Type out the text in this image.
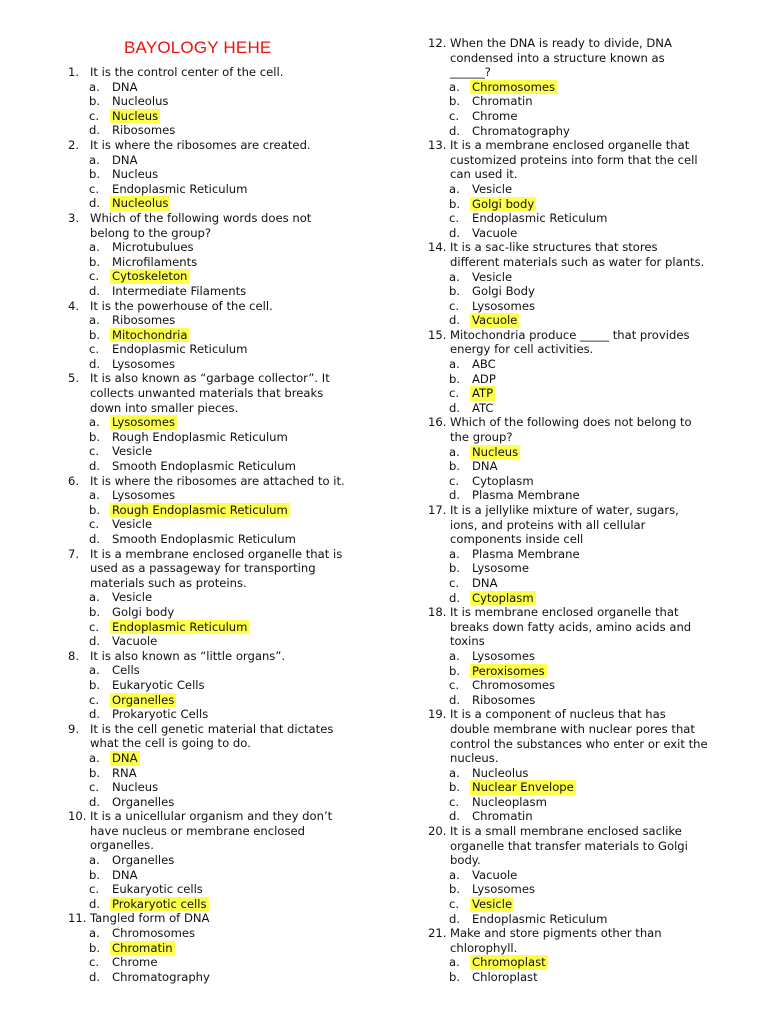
BAYOLOGY HEHE
1. It is the control center of the cell.
a. DNA
b. Nucleolus
c. Nucleus
d. Ribosomes
2. It is where the ribosomes are created.
a. DNA
b. Nucleus
c. Endoplasmic Reticulum
d. Nucleolus
3. Which of the following words does not
belong to the group?
a. Microtubulues
b. Microfilaments
c. Cytoskeleton
d. Intermediate Filaments
4. It is the powerhouse of the cell.
a. Ribosomes
b. Mitochondria
c. Endoplasmic Reticulum
d. Lysosomes
5. It is also known as “garbage collector”. It
collects unwanted materials that breaks
down into smaller pieces.
a. Lysosomes
b. Rough Endoplasmic Reticulum
c. Vesicle
d. Smooth Endoplasmic Reticulum
6. It is where the ribosomes are attached to it.
a. Lysosomes
b. Rough Endoplasmic Reticulum
c. Vesicle
d. Smooth Endoplasmic Reticulum
7. It is a membrane enclosed organelle that is
used as a passageway for transporting
materials such as proteins.
a. Vesicle
b. Golgi body
c. Endoplasmic Reticulum
d. Vacuole
8. It is also known as “little organs”.
a. Cells
b. Eukaryotic Cells
c. Organelles
d. Prokaryotic Cells
9. It is the cell genetic material that dictates
what the cell is going to do.
a. DNA
b. RNA
c. Nucleus
d. Organelles
10. It is a unicellular organism and they don’t
have nucleus or membrane enclosed
organelles.
a. Organelles
b. DNA
c. Eukaryotic cells
d. Prokaryotic cells
11. Tangled form of DNA
a. Chromosomes
b. Chromatin
c. Chrome
d. Chromatography
12. When the DNA is ready to divide, DNA
condensed into a structure known as
______?
a. Chromosomes
b. Chromatin
c. Chrome
d. Chromatography
13. It is a membrane enclosed organelle that
customized proteins into form that the cell
can used it.
a. Vesicle
b. Golgi body
c. Endoplasmic Reticulum
d. Vacuole
14. It is a sac-like structures that stores
different materials such as water for plants.
a. Vesicle
b. Golgi Body
c. Lysosomes
d. Vacuole
15. Mitochondria produce _____ that provides
energy for cell activities.
a. ABC
b. ADP
c. ATP
d. ATC
16. Which of the following does not belong to
the group?
a. Nucleus
b. DNA
c. Cytoplasm
d. Plasma Membrane
17. It is a jellylike mixture of water, sugars,
ions, and proteins with all cellular
components inside cell
a. Plasma Membrane
b. Lysosome
c. DNA
d. Cytoplasm
18. It is membrane enclosed organelle that
breaks down fatty acids, amino acids and
toxins
a. Lysosomes
b. Peroxisomes
c. Chromosomes
d. Ribosomes
19. It is a component of nucleus that has
double membrane with nuclear pores that
control the substances who enter or exit the
nucleus.
a. Nucleolus
b. Nuclear Envelope
c. Nucleoplasm
d. Chromatin
20. It is a small membrane enclosed saclike
organelle that transfer materials to Golgi
body.
a. Vacuole
b. Lysosomes
c. Vesicle
d. Endoplasmic Reticulum
21. Make and store pigments other than
chlorophyll.
a. Chromoplast
b. Chloroplast
